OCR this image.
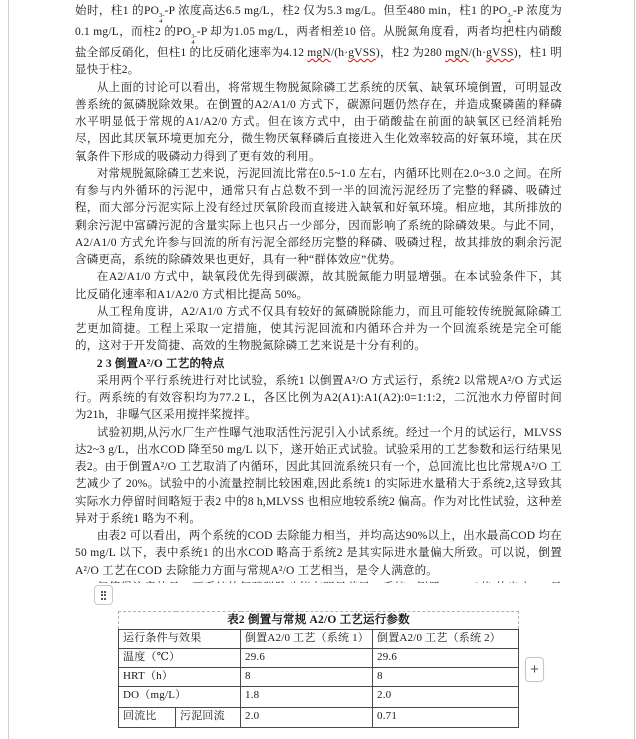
始时，柱1 的PO 3-
4
-P 浓度高达6.5 mg/L，柱2 仅为5.3 mg/L。但至480 min，柱1 的PO 3-
4
-P 浓度为0.1 mg/L，而柱2 的PO 3-
4
-P 却为1.05 mg/L，两者相差10 倍。从脱氮角度看，两者均把柱内硝酸盐全部反硝化，但柱1 的比反硝化速率为4.12 mgN/(h·gVSS)，柱2 为280 mgN/(h·gVSS)，柱1 明显快于柱2。
从上面的讨论可以看出，将常规生物脱氮除磷工艺系统的厌氧、缺氧环境倒置，可明显改善系统的氮磷脱除效果。在倒置的A2/A1/0 方式下，碳源问题仍然存在，并造成聚磷菌的释磷水平明显低于常规的A1/A2/0 方式。但在该方式中，由于硝酸盐在前面的缺氧区已经消耗殆尽，因此其厌氧环境更加充分，微生物厌氧释磷后直接进入生化效率较高的好氧环境，其在厌氧条件下形成的吸磷动力得到了更有效的利用。
对常规脱氮除磷工艺来说，污泥回流比常在0.5~1.0 左右，内循环比则在2.0~3.0 之间。在所有参与内外循环的污泥中，通常只有占总数不到一半的回流污泥经历了完整的释磷、吸磷过程，而大部分污泥实际上没有经过厌氧阶段而直接进入缺氧和好氧环境。相应地，其所排放的剩余污泥中富磷污泥的含量实际上也只占一少部分，因而影响了系统的除磷效果。与此不同，A2/A1/0 方式允许参与回流的所有污泥全部经历完整的释磷、吸磷过程，故其排放的剩余污泥含磷更高，系统的除磷效果也更好，具有一种“群体效应”优势。
在A2/A1/0 方式中，缺氧段优先得到碳源，故其脱氮能力明显增强。在本试验条件下，其比反硝化速率和A1/A2/0 方式相比提高 50%。
从工程角度讲，A2/A1/0 方式不仅具有较好的氮磷脱除能力，而且可能较传统脱氮除磷工艺更加简捷。工程上采取一定措施，使其污泥回流和内循环合并为一个回流系统是完全可能的，这对于开发简捷、高效的生物脱氮除磷工艺来说是十分有利的。
2 3 倒置A²/O 工艺的特点
采用两个平行系统进行对比试验，系统1 以倒置A²/O 方式运行，系统2 以常规A²/O 方式运行。两系统的有效容积均为77.2 L，各区比例为A2(A1):A1(A2):0=1:1:2，二沉池水力停留时间为21h，非曝气区采用搅拌桨搅拌。
试验初期,从污水厂生产性曝气池取活性污泥引入小试系统。经过一个月的试运行，MLVSS 达2~3 g/L，出水COD 降至50 mg/L 以下，遂开始正式试验。试验采用的工艺参数和运行结果见表2。由于倒置A²/O 工艺取消了内循环，因此其回流系统只有一个，总回流比也比常规A²/O 工艺减少了 20%。试验中的小流量控制比较困难,因此系统1 的实际进水量稍大于系统2,这导致其实际水力停留时间略短于表2 中的8 h,MLVSS 也相应地较系统2 偏高。作为对比性试验，这种差异对于系统1 略为不利。
由表2 可以看出，两个系统的COD 去除能力相当，并均高达90%以上，出水最高COD 均在50 mg/L 以下，表中系统1 的出水COD 略高于系统2 是其实际进水量偏大所致。可以说，倒置A²/O 工艺在COD 去除能力方面与常规A²/O 工艺相当，是令人满意的。
表2 倒置与常规 A2/O 工艺运行参数			
运行条件与效果		倒置A2/0 工艺（系统 1）	倒置A2/0 工艺（系统 2）
温度（℃）		29.6	29.6
HRT（h）		8	8
DO（mg/L）		1.8	2.0
回流比	污泥回流	2.0	0.71
+
